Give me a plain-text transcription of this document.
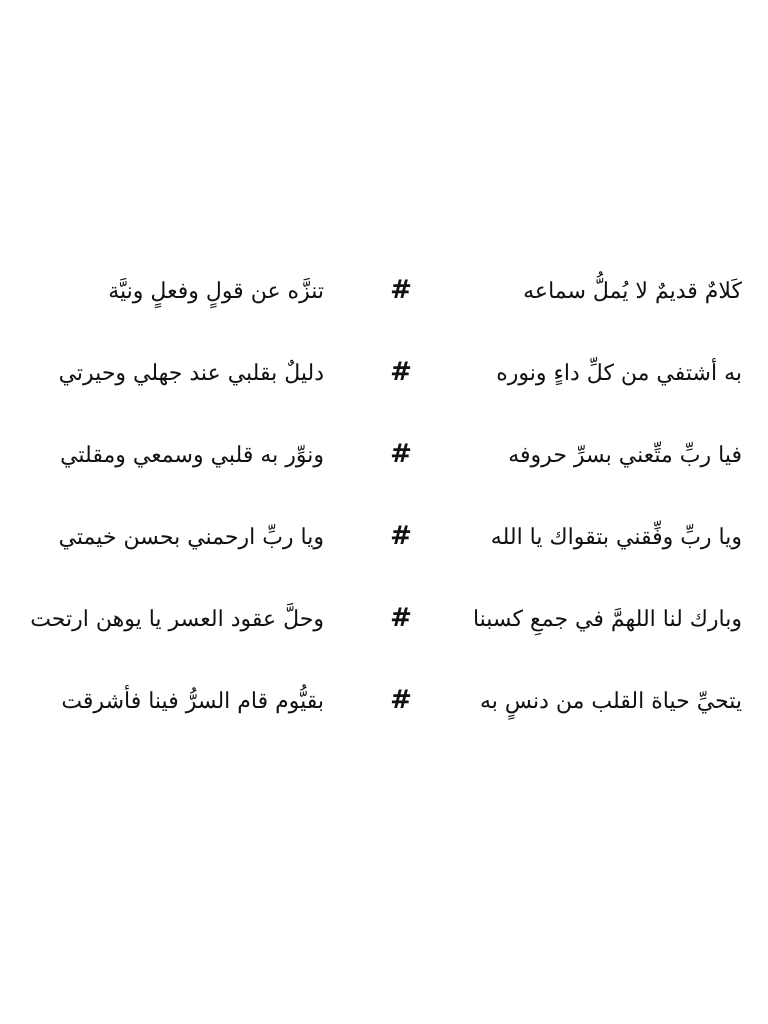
كَلامٌ قديمٌ لا يُملُّ سماعه
#
تنزَّه عن قولٍ وفعلٍ ونيَّة
به أشتفي من كلِّ داءٍ ونوره
#
دليلٌ بقلبي عند جهلي وحيرتي
فيا ربِّ متِّعني بسرِّ حروفه
#
ونوِّر به قلبي وسمعي ومقلتي
ويا ربِّ وفِّقني بتقواك يا الله
#
ويا ربِّ ارحمني بحسن خيمتي
وبارك لنا اللهمَّ في جمعِ كسبنا
#
وحلَّ عقود العسر يا يوهن ارتحت
يتحيِّ حياة القلب من دنسٍ به
#
بقيُّوم قام السرُّ فينا فأشرقت
